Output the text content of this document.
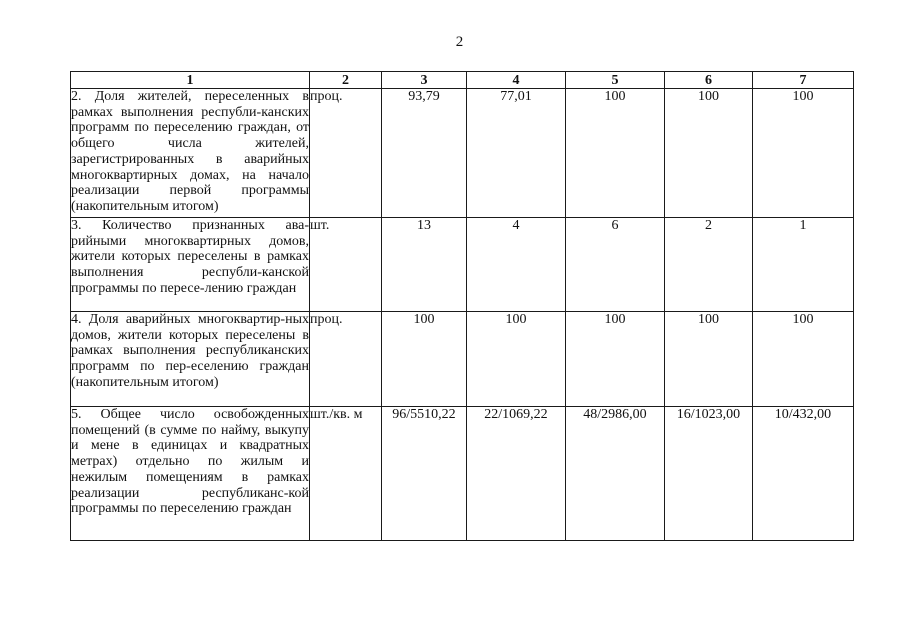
2
1	2	3	4	5	6	7
2. Доля жителей, переселенных в рамках выполнения республи-канских программ по переселению граждан, от общего числа жителей, зарегистрированных в аварийных многоквартирных домах, на начало реализации первой программы (накопительным итогом)	проц.	93,79	77,01	100	100	100
3. Количество признанных ава-рийными многоквартирных домов, жители которых переселены в рамках выполнения республи-канской программы по пересе-лению граждан	шт.	13	4	6	2	1
4. Доля аварийных многоквартир-ных домов, жители которых переселены в рамках выполнения республиканских программ по пер-еселению граждан (накопительным итогом)	проц.	100	100	100	100	100
5. Общее число освобожденных помещений (в сумме по найму, выкупу и мене в единицах и квадратных метрах) отдельно по жилым и нежилым помещениям в рамках реализации республиканс-кой программы по переселению граждан	шт./кв. м	96/5510,22	22/1069,22	48/2986,00	16/1023,00	10/432,00
